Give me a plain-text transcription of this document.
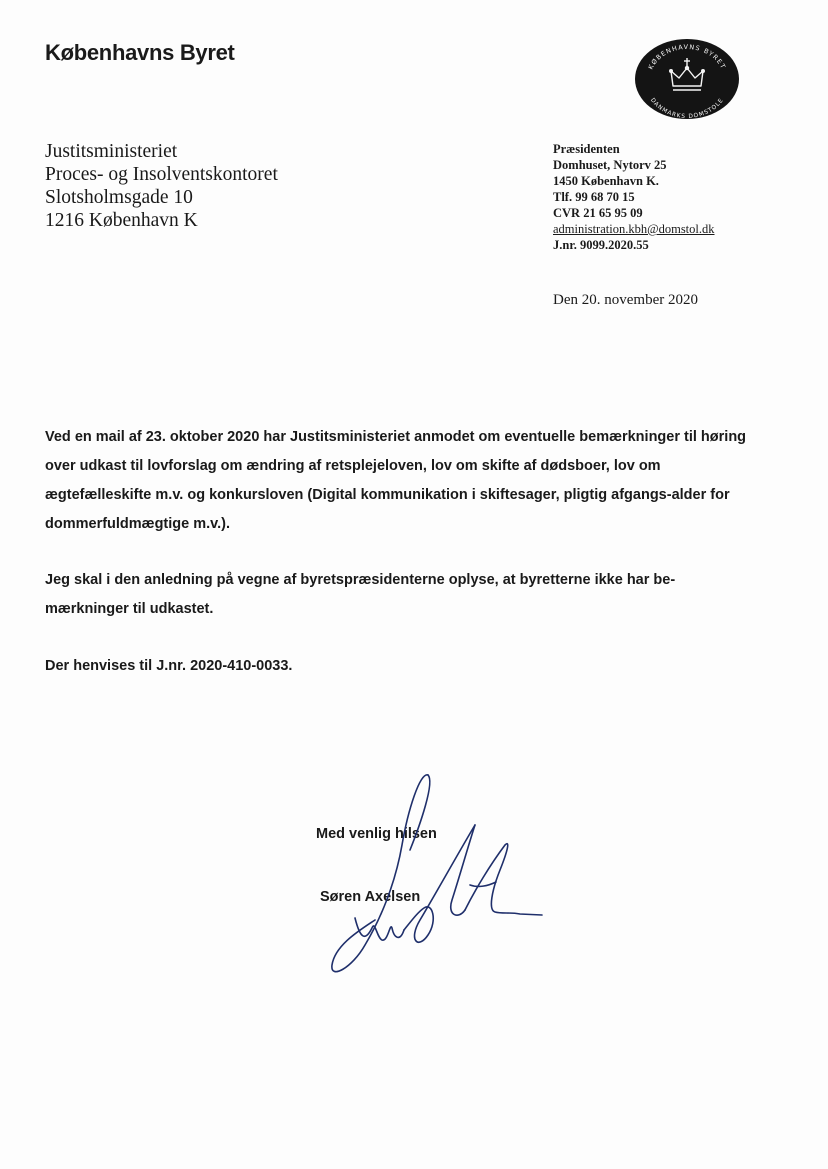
Københavns Byret
KØBENHAVNS BYRET
DANMARKS DOMSTOLE
Justitsministeriet
Proces- og Insolventskontoret
Slotsholmsgade 10
1216 København K
Præsidenten
Domhuset, Nytorv 25
1450 København K.
Tlf. 99 68 70 15
CVR 21 65 95 09
administration.kbh@domstol.dk
J.nr. 9099.2020.55
Den 20. november 2020
Ved en mail af 23. oktober 2020 har Justitsministeriet anmodet om eventuelle bemærkninger til høring over udkast til lovforslag om ændring af retsplejeloven, lov om skifte af dødsboer, lov om ægtefælleskifte m.v. og konkursloven (Digital kommunikation i skiftesager, pligtig afgangs-alder for dommerfuldmægtige m.v.).
Jeg skal i den anledning på vegne af byretspræsidenterne oplyse, at byretterne ikke har be-mærkninger til udkastet.
Der henvises til J.nr. 2020-410-0033.
Med venlig hilsen
Søren Axelsen
